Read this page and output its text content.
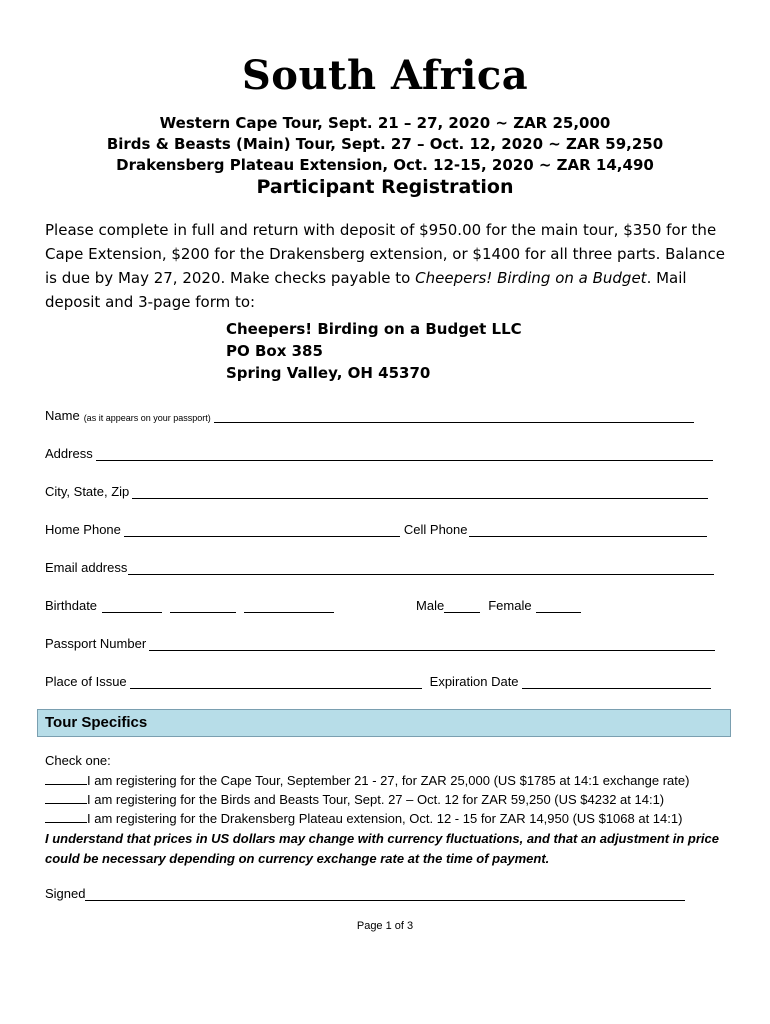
South Africa
Western Cape Tour, Sept. 21 – 27, 2020 ~ ZAR 25,000
Birds & Beasts (Main) Tour, Sept. 27 – Oct. 12, 2020 ~ ZAR 59,250
Drakensberg Plateau Extension, Oct. 12-15, 2020 ~ ZAR 14,490
Participant Registration
Please complete in full and return with deposit of $950.00 for the main tour, $350 for the Cape Extension, $200 for the Drakensberg extension, or $1400 for all three parts. Balance is due by May 27, 2020. Make checks payable to Cheepers! Birding on a Budget. Mail deposit and 3-page form to:
Cheepers! Birding on a Budget LLC
PO Box 385
Spring Valley, OH 45370
Name (as it appears on your passport)
Address
City, State, Zip
Home Phone	Cell Phone
Email address
Birthdate	Male	Female
Passport Number
Place of Issue	Expiration Date
Tour Specifics
Check one:
I am registering for the Cape Tour, September 21 - 27, for ZAR 25,000 (US $1785 at 14:1 exchange rate)
I am registering for the Birds and Beasts Tour, Sept. 27 – Oct. 12 for ZAR 59,250 (US $4232 at 14:1)
I am registering for the Drakensberg Plateau extension, Oct. 12 - 15 for ZAR 14,950 (US $1068 at 14:1)
I understand that prices in US dollars may change with currency fluctuations, and that an adjustment in price could be necessary depending on currency exchange rate at the time of payment.
Signed
Page 1 of 3
